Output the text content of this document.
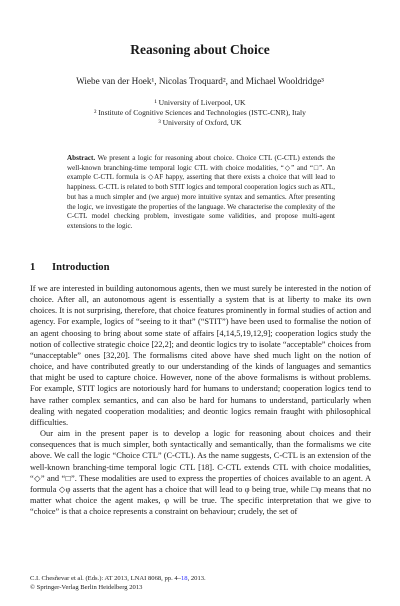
Reasoning about Choice
Wiebe van der Hoek¹, Nicolas Troquard², and Michael Wooldridge³
¹ University of Liverpool, UK
² Institute of Cognitive Sciences and Technologies (ISTC-CNR), Italy
³ University of Oxford, UK
Abstract. We present a logic for reasoning about choice. Choice CTL (C-CTL) extends the well-known branching-time temporal logic CTL with choice modalities, “◇” and “□”. An example C-CTL formula is ◇AF happy, asserting that there exists a choice that will lead to happiness. C-CTL is related to both STIT logics and temporal cooperation logics such as ATL, but has a much simpler and (we argue) more intuitive syntax and semantics. After presenting the logic, we investigate the properties of the language. We characterise the complexity of the C-CTL model checking problem, investigate some validities, and propose multi-agent extensions to the logic.
1 Introduction

If we are interested in building autonomous agents, then we must surely be interested in the notion of choice. After all, an autonomous agent is essentially a system that is at liberty to make its own choices. It is not surprising, therefore, that choice features prominently in formal studies of action and agency. For example, logics of “seeing to it that” (“STIT”) have been used to formalise the notion of an agent choosing to bring about some state of affairs [4,14,5,19,12,9]; cooperation logics study the notion of collective strategic choice [22,2]; and deontic logics try to isolate “acceptable” choices from “unacceptable” ones [32,20]. The formalisms cited above have shed much light on the notion of choice, and have contributed greatly to our understanding of the kinds of languages and semantics that might be used to capture choice. However, none of the above formalisms is without problems. For example, STIT logics are notoriously hard for humans to understand; cooperation logics tend to have rather complex semantics, and can also be hard for humans to understand, particularly when dealing with negated cooperation modalities; and deontic logics remain fraught with philosophical difficulties.

Our aim in the present paper is to develop a logic for reasoning about choices and their consequences that is much simpler, both syntactically and semantically, than the formalisms we cite above. We call the logic “Choice CTL” (C-CTL). As the name suggests, C-CTL is an extension of the well-known branching-time temporal logic CTL [18]. C-CTL extends CTL with choice modalities, “◇” and “□”. These modalities are used to express the properties of choices available to an agent. A formula ◇φ asserts that the agent has a choice that will lead to φ being true, while □φ means that no matter what choice the agent makes, φ will be true. The specific interpretation that we give to “choice” is that a choice represents a constraint on behaviour; crudely, the set of

C.I. Chesñevar et al. (Eds.): AT 2013, LNAI 8068, pp. 4–18, 2013.
© Springer-Verlag Berlin Heidelberg 2013
